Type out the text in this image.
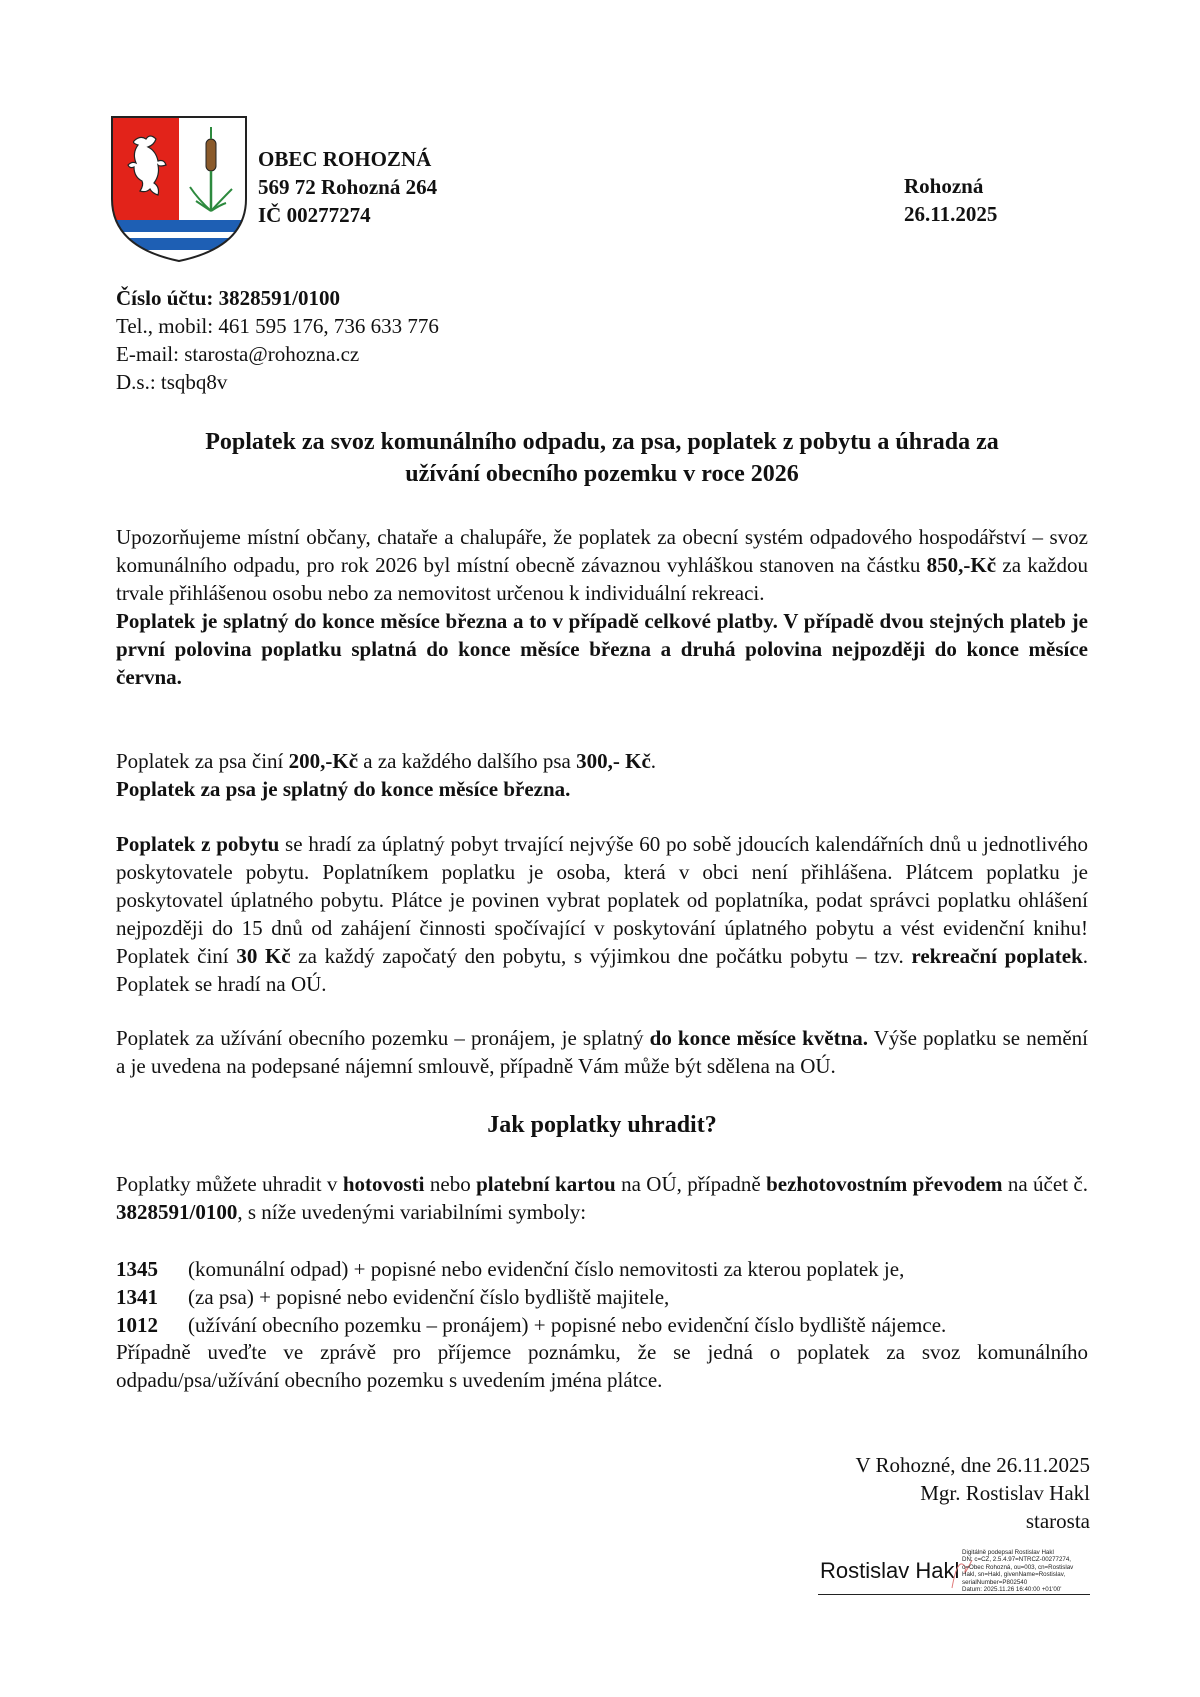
OBEC ROHOZNÁ
569 72 Rohozná 264
IČ 00277274
Rohozná
26.11.2025
Číslo účtu: 3828591/0100
Tel., mobil: 461 595 176, 736 633 776
E-mail: starosta@rohozna.cz
D.s.: tsqbq8v
Poplatek za svoz komunálního odpadu, za psa, poplatek z pobytu a úhrada za
užívání obecního pozemku v roce 2026

Upozorňujeme místní občany, chataře a chalupáře, že poplatek za obecní systém odpadového hospodářství – svoz komunálního odpadu, pro rok 2026 byl místní obecně závaznou vyhláškou stanoven na částku 850,-Kč za každou trvale přihlášenou osobu nebo za nemovitost určenou k individuální rekreaci.

Poplatek je splatný do konce měsíce března a to v případě celkové platby. V případě dvou stejných plateb je první polovina poplatku splatná do konce měsíce března a druhá polovina nejpozději do konce měsíce června.

Poplatek za psa činí 200,-Kč a za každého dalšího psa 300,- Kč.

Poplatek za psa je splatný do konce měsíce března.

Poplatek z pobytu se hradí za úplatný pobyt trvající nejvýše 60 po sobě jdoucích kalendářních dnů u jednotlivého poskytovatele pobytu. Poplatníkem poplatku je osoba, která v obci není přihlášena. Plátcem poplatku je poskytovatel úplatného pobytu. Plátce je povinen vybrat poplatek od poplatníka, podat správci poplatku ohlášení nejpozději do 15 dnů od zahájení činnosti spočívající v poskytování úplatného pobytu a vést evidenční knihu! Poplatek činí 30 Kč za každý započatý den pobytu, s výjimkou dne počátku pobytu – tzv. rekreační poplatek. Poplatek se hradí na OÚ.

Poplatek za užívání obecního pozemku – pronájem, je splatný do konce měsíce května. Výše poplatku se nemění a je uvedena na podepsané nájemní smlouvě, případně Vám může být sdělena na OÚ.

Jak poplatky uhradit?

Poplatky můžete uhradit v hotovosti nebo platební kartou na OÚ, případně bezhotovostním převodem na účet č. 3828591/0100, s níže uvedenými variabilními symboly:

1345	(komunální odpad) + popisné nebo evidenční číslo nemovitosti za kterou poplatek je,
1341	(za psa) + popisné nebo evidenční číslo bydliště majitele,
1012	(užívání obecního pozemku – pronájem) + popisné nebo evidenční číslo bydliště nájemce.

Případně uveďte ve zprávě pro příjemce poznámku, že se jedná o poplatek za svoz komunálního odpadu/psa/užívání obecního pozemku s uvedením jména plátce.

V Rohozné, dne 26.11.2025
Mgr. Rostislav Hakl
starosta
Rostislav Hakl
Digitálně podepsal Rostislav Hakl
DN: c=CZ, 2.5.4.97=NTRCZ-00277274,
o=Obec Rohozná, ou=003, cn=Rostislav
Hakl, sn=Hakl, givenName=Rostislav,
serialNumber=P802540
Datum: 2025.11.26 16:40:00 +01'00'
